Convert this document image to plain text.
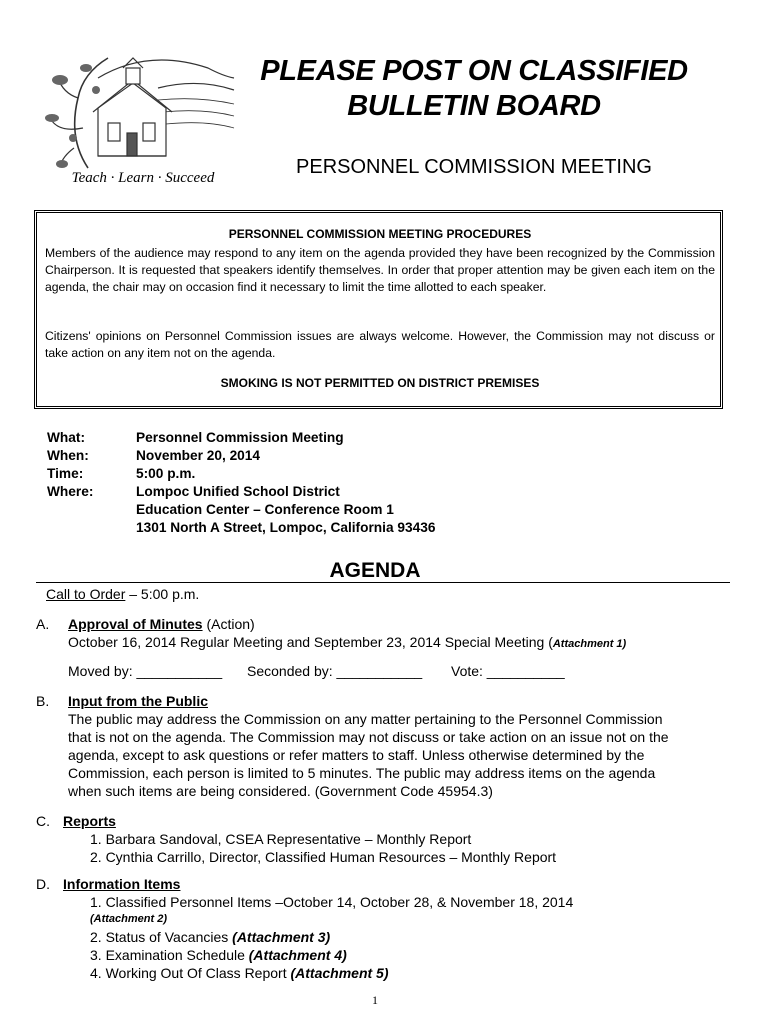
Teach · Learn · Succeed
PLEASE POST ON CLASSIFIED
BULLETIN BOARD
PERSONNEL COMMISSION MEETING
PERSONNEL COMMISSION MEETING PROCEDURES
Members of the audience may respond to any item on the agenda provided they have been recognized by the Commission Chairperson. It is requested that speakers identify themselves. In order that proper attention may be given each item on the agenda, the chair may on occasion find it necessary to limit the time allotted to each speaker.
Citizens' opinions on Personnel Commission issues are always welcome. However, the Commission may not discuss or take action on any item not on the agenda.
SMOKING IS NOT PERMITTED ON DISTRICT PREMISES
What:	Personnel Commission Meeting
When:	November 20, 2014
Time:	5:00 p.m.
Where:	Lompoc Unified School District
Education Center – Conference Room 1
1301 North A Street, Lompoc, California 93436
AGENDA
Call to Order – 5:00 p.m.
A. Approval of Minutes (Action)
October 16, 2014 Regular Meeting and September 23, 2014 Special Meeting (Attachment 1)
Moved by: ___________ Seconded by: ___________ Vote: __________
B. Input from the Public
The public may address the Commission on any matter pertaining to the Personnel Commission
that is not on the agenda. The Commission may not discuss or take action on an issue not on the
agenda, except to ask questions or refer matters to staff. Unless otherwise determined by the
Commission, each person is limited to 5 minutes. The public may address items on the agenda
when such items are being considered. (Government Code 45954.3)
C. Reports
1. Barbara Sandoval, CSEA Representative – Monthly Report
2. Cynthia Carrillo, Director, Classified Human Resources – Monthly Report
D. Information Items
1. Classified Personnel Items –October 14, October 28, & November 18, 2014
(Attachment 2)
2. Status of Vacancies (Attachment 3)
3. Examination Schedule (Attachment 4)
4. Working Out Of Class Report (Attachment 5)
1
